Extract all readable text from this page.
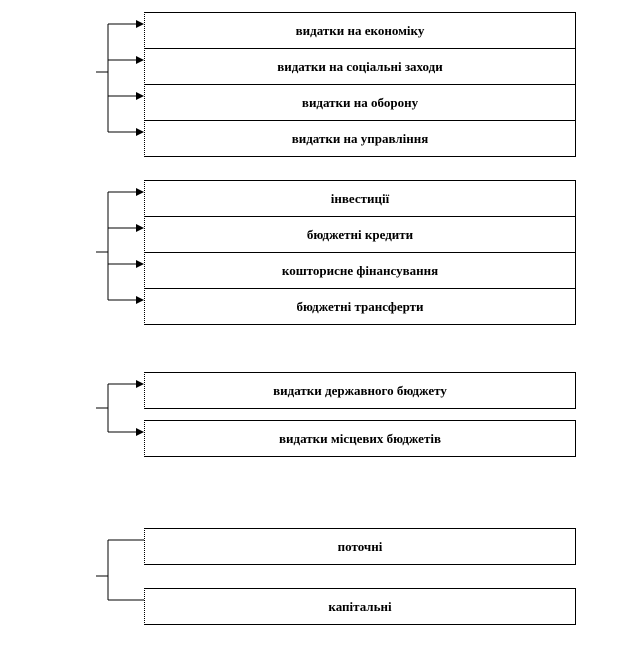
видатки на економіку
видатки на соціальні заходи
видатки на оборону
видатки на управління
інвестиції
бюджетні кредити
кошторисне фінансування
бюджетні трансферти
видатки державного бюджету
видатки місцевих бюджетів
поточні
капітальні
